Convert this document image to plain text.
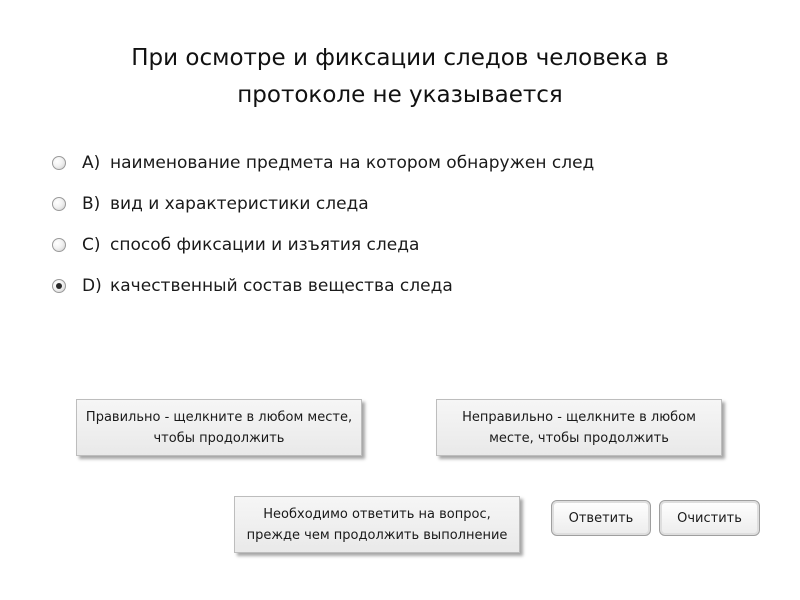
При осмотре и фиксации следов человека в
протоколе не указывается
A) наименование предмета на котором обнаружен след
B) вид и характеристики следа
C) способ фиксации и изъятия следа
D) качественный состав вещества следа
Правильно - щелкните в любом месте,
чтобы продолжить
Неправильно - щелкните в любом
месте, чтобы продолжить
Необходимо ответить на вопрос,
прежде чем продолжить выполнение
Ответить	Очистить
